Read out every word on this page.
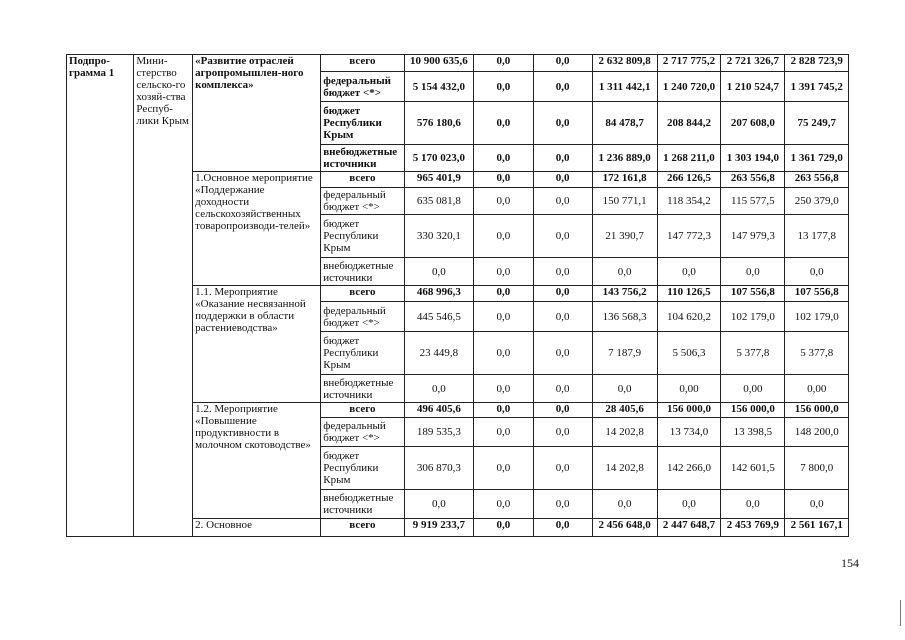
Подпро-грамма 1	Мини-стерство сельско-го хозяй-ства Респуб-лики Крым	«Развитие отраслей агропромышлен-ного комплекса»	всего	10 900 635,6	0,0	0,0	2 632 809,8	2 717 775,2	2 721 326,7	2 828 723,9
			федеральный бюджет <*>	5 154 432,0	0,0	0,0	1 311 442,1	1 240 720,0	1 210 524,7	1 391 745,2
			бюджет Республики Крым	576 180,6	0,0	0,0	84 478,7	208 844,2	207 608,0	75 249,7
			внебюджетные источники	5 170 023,0	0,0	0,0	1 236 889,0	1 268 211,0	1 303 194,0	1 361 729,0
		1.Основное мероприятие «Поддержание доходности сельскохозяйственных товаропроизводи-телей»	всего	965 401,9	0,0	0,0	172 161,8	266 126,5	263 556,8	263 556,8
			федеральный бюджет <*>	635 081,8	0,0	0,0	150 771,1	118 354,2	115 577,5	250 379,0
			бюджет Республики Крым	330 320,1	0,0	0,0	21 390,7	147 772,3	147 979,3	13 177,8
			внебюджетные источники	0,0	0,0	0,0	0,0	0,0	0,0	0,0
		1.1. Мероприятие «Оказание несвязанной поддержки в области растениеводства»	всего	468 996,3	0,0	0,0	143 756,2	110 126,5	107 556,8	107 556,8
			федеральный бюджет <*>	445 546,5	0,0	0,0	136 568,3	104 620,2	102 179,0	102 179,0
			бюджет Республики Крым	23 449,8	0,0	0,0	7 187,9	5 506,3	5 377,8	5 377,8
			внебюджетные источники	0,0	0,0	0,0	0,0	0,00	0,00	0,00
		1.2. Мероприятие «Повышение продуктивности в молочном скотоводстве»	всего	496 405,6	0,0	0,0	28 405,6	156 000,0	156 000,0	156 000,0
			федеральный бюджет <*>	189 535,3	0,0	0,0	14 202,8	13 734,0	13 398,5	148 200,0
			бюджет Республики Крым	306 870,3	0,0	0,0	14 202,8	142 266,0	142 601,5	7 800,0
			внебюджетные источники	0,0	0,0	0,0	0,0	0,0	0,0	0,0
		2. Основное	всего	9 919 233,7	0,0	0,0	2 456 648,0	2 447 648,7	2 453 769,9	2 561 167,1
154
